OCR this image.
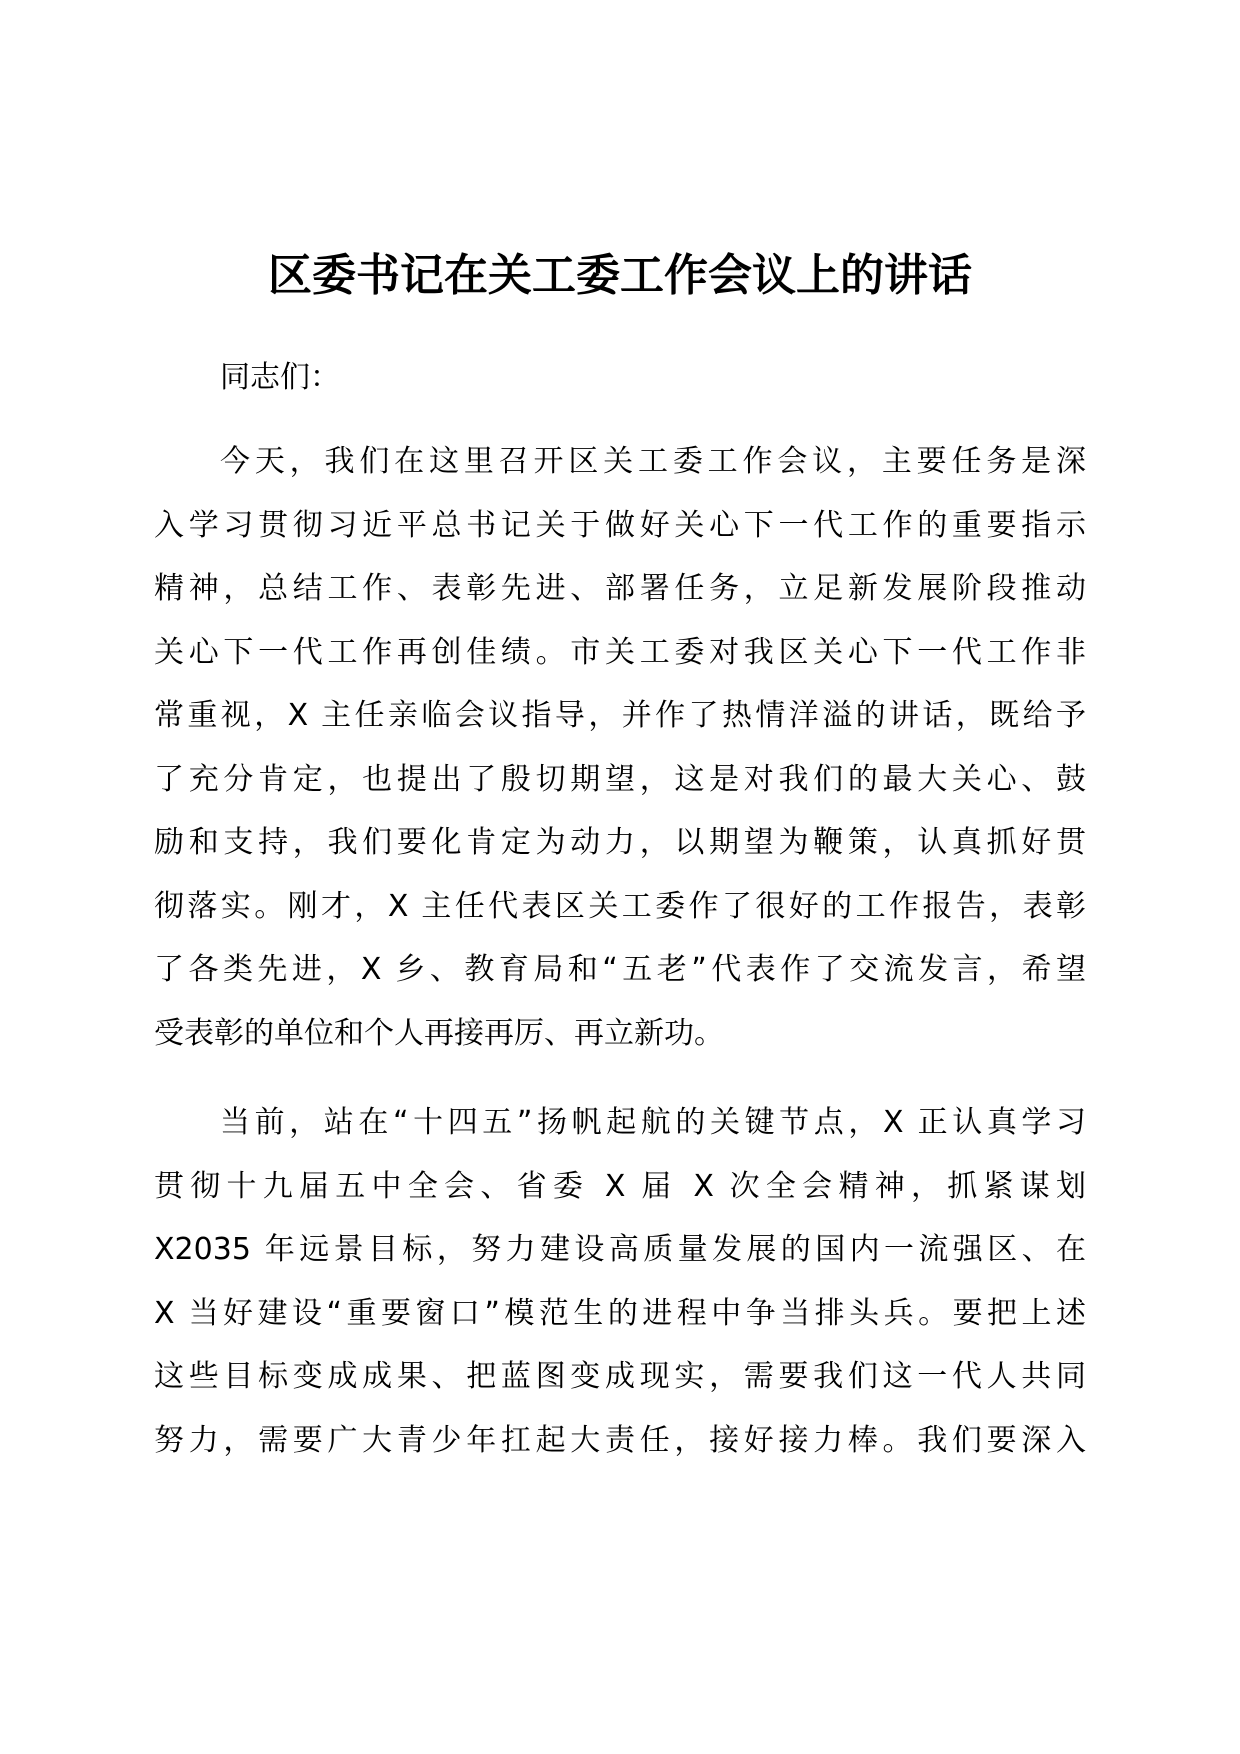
区委书记在关工委工作会议上的讲话
同志们：
今天，我们在这里召开区关工委工作会议，主要任务是深
入学习贯彻习近平总书记关于做好关心下一代工作的重要指示
精神，总结工作、表彰先进、部署任务，立足新发展阶段推动
关心下一代工作再创佳绩。市关工委对我区关心下一代工作非
常重视，X 主任亲临会议指导，并作了热情洋溢的讲话，既给予
了充分肯定，也提出了殷切期望，这是对我们的最大关心、鼓
励和支持，我们要化肯定为动力，以期望为鞭策，认真抓好贯
彻落实。刚才，X 主任代表区关工委作了很好的工作报告，表彰
了各类先进，X 乡、教育局和“五老”代表作了交流发言，希望
受表彰的单位和个人再接再厉、再立新功。
当前，站在“十四五”扬帆起航的关键节点，X 正认真学习
贯彻十九届五中全会、省委 X 届 X 次全会精神，抓紧谋划
X2035 年远景目标，努力建设高质量发展的国内一流强区、在
X 当好建设“重要窗口”模范生的进程中争当排头兵。要把上述
这些目标变成成果、把蓝图变成现实，需要我们这一代人共同
努力，需要广大青少年扛起大责任，接好接力棒。我们要深入
